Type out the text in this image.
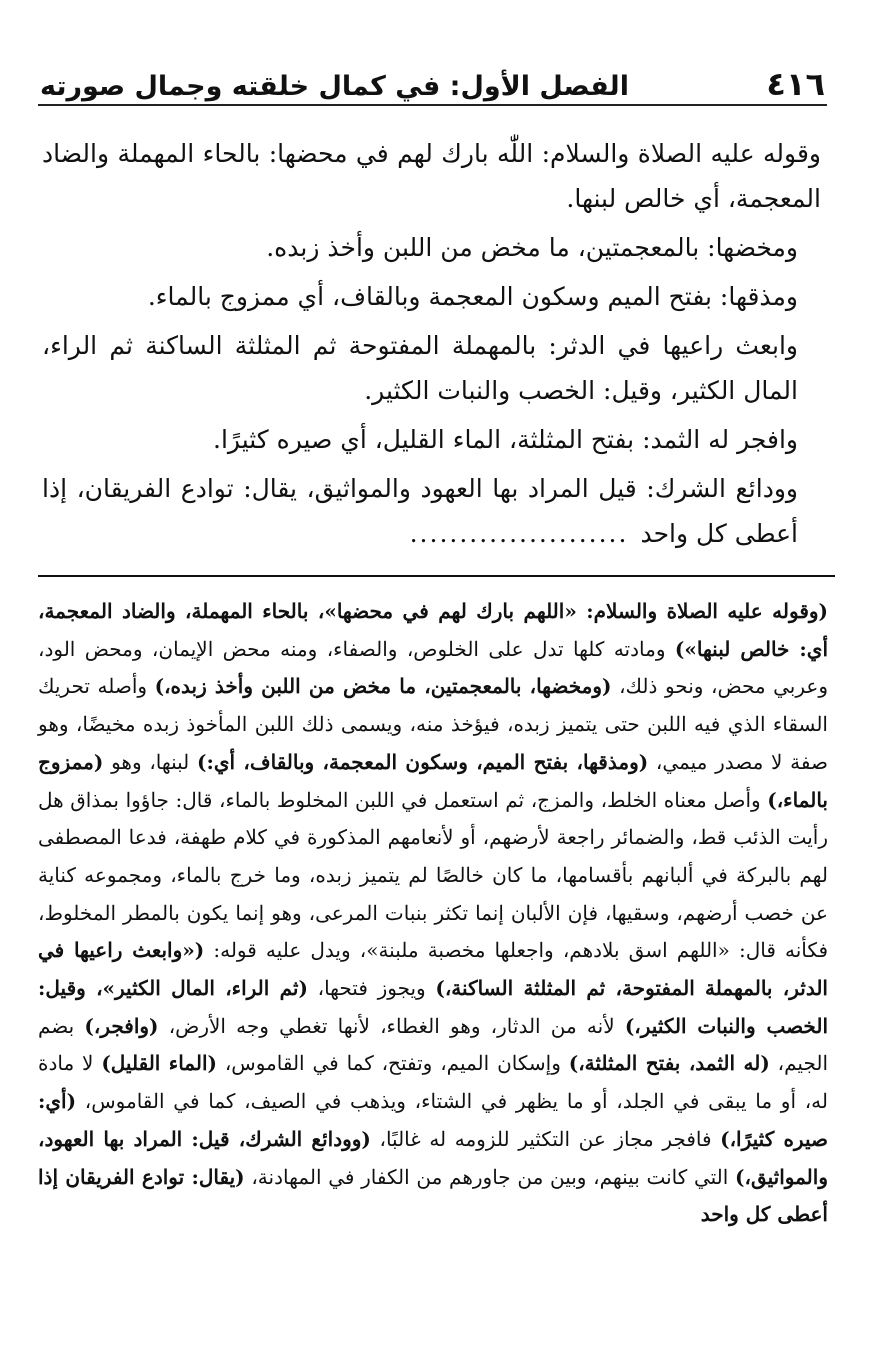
٤١٦
الفصل الأول: في كمال خلقته وجمال صورته

وقوله عليه الصلاة والسلام: اللّٰه بارك لهم في محضها: بالحاء المهملة والضاد المعجمة، أي خالص لبنها.

ومخضها: بالمعجمتين، ما مخض من اللبن وأخذ زبده.

ومذقها: بفتح الميم وسكون المعجمة وبالقاف، أي ممزوج بالماء.

وابعث راعيها في الدثر: بالمهملة المفتوحة ثم المثلثة الساكنة ثم الراء، المال الكثير، وقيل: الخصب والنبات الكثير.

وافجر له الثمد: بفتح المثلثة، الماء القليل، أي صيره كثيرًا.

وودائع الشرك: قيل المراد بها العهود والمواثيق، يقال: توادع الفريقان، إذا أعطى كل واحد......................

(وقوله عليه الصلاة والسلام: «اللهم بارك لهم في محضها»، بالحاء المهملة، والضاد المعجمة، أي: خالص لبنها») ومادته كلها تدل على الخلوص، والصفاء، ومنه محض الإيمان، ومحض الود، وعربي محض، ونحو ذلك، (ومخضها، بالمعجمتين، ما مخض من اللبن وأخذ زبده،) وأصله تحريك السقاء الذي فيه اللبن حتى يتميز زبده، فيؤخذ منه، ويسمى ذلك اللبن المأخوذ زبده مخيضًا، وهو صفة لا مصدر ميمي، (ومذقها، بفتح الميم، وسكون المعجمة، وبالقاف، أي:) لبنها، وهو (ممزوج بالماء،) وأصل معناه الخلط، والمزج، ثم استعمل في اللبن المخلوط بالماء، قال: جاؤوا بمذاق هل رأيت الذئب قط، والضمائر راجعة لأرضهم، أو لأنعامهم المذكورة في كلام طهفة، فدعا المصطفى لهم بالبركة في ألبانهم بأقسامها، ما كان خالصًا لم يتميز زبده، وما خرج بالماء، ومجموعه كناية عن خصب أرضهم، وسقيها، فإن الألبان إنما تكثر بنبات المرعى، وهو إنما يكون بالمطر المخلوط، فكأنه قال: «اللهم اسق بلادهم، واجعلها مخصبة ملبنة»، ويدل عليه قوله: («وابعث راعيها في الدثر، بالمهملة المفتوحة، ثم المثلثة الساكنة،) ويجوز فتحها، (ثم الراء، المال الكثير»، وقيل: الخصب والنبات الكثير،) لأنه من الدثار، وهو الغطاء، لأنها تغطي وجه الأرض، (وافجر،) بضم الجيم، (له الثمد، بفتح المثلثة،) وإسكان الميم، وتفتح، كما في القاموس، (الماء القليل) لا مادة له، أو ما يبقى في الجلد، أو ما يظهر في الشتاء، ويذهب في الصيف، كما في القاموس، (أي: صيره كثيرًا،) فافجر مجاز عن التكثير للزومه له غالبًا، (وودائع الشرك، قيل: المراد بها العهود، والمواثيق،) التي كانت بينهم، وبين من جاورهم من الكفار في المهادنة، (يقال: توادع الفريقان إذا أعطى كل واحد
